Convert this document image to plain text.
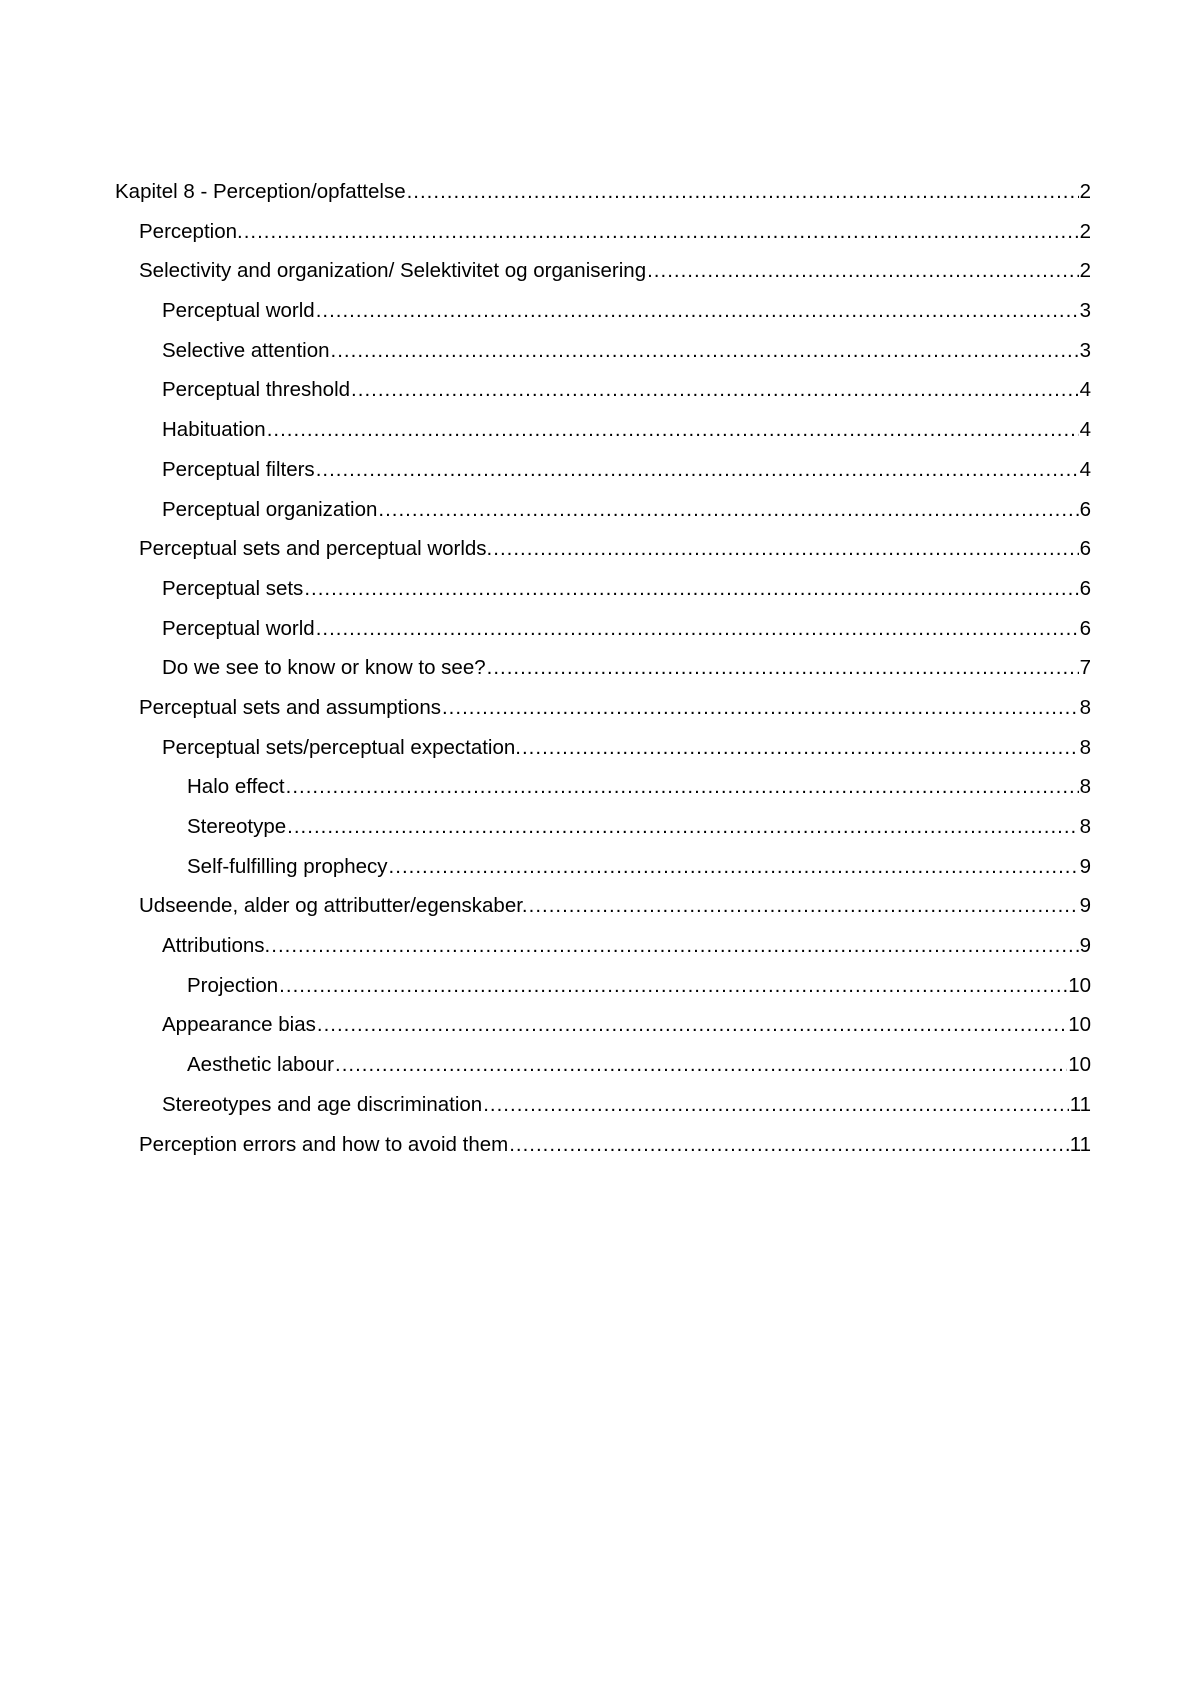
Kapitel 8 - Perception/opfattelse .....	2
Perception. .....	2
Selectivity and organization/ Selektivitet og organisering .....	2
Perceptual world .....	3
Selective attention .....	3
Perceptual threshold .....	4
Habituation .....	4
Perceptual filters .....	4
Perceptual organization .....	6
Perceptual sets and perceptual worlds. .....	6
Perceptual sets .....	6
Perceptual world .....	6
Do we see to know or know to see? .....	7
Perceptual sets and assumptions .....	8
Perceptual sets/perceptual expectation. .....	8
Halo effect .....	8
Stereotype .....	8
Self-fulfilling prophecy .....	9
Udseende, alder og attributter/egenskaber. .....	9
Attributions. .....	9
Projection .....	10
Appearance bias .....	10
Aesthetic labour .....	10
Stereotypes and age discrimination .....	11
Perception errors and how to avoid them .....	11
